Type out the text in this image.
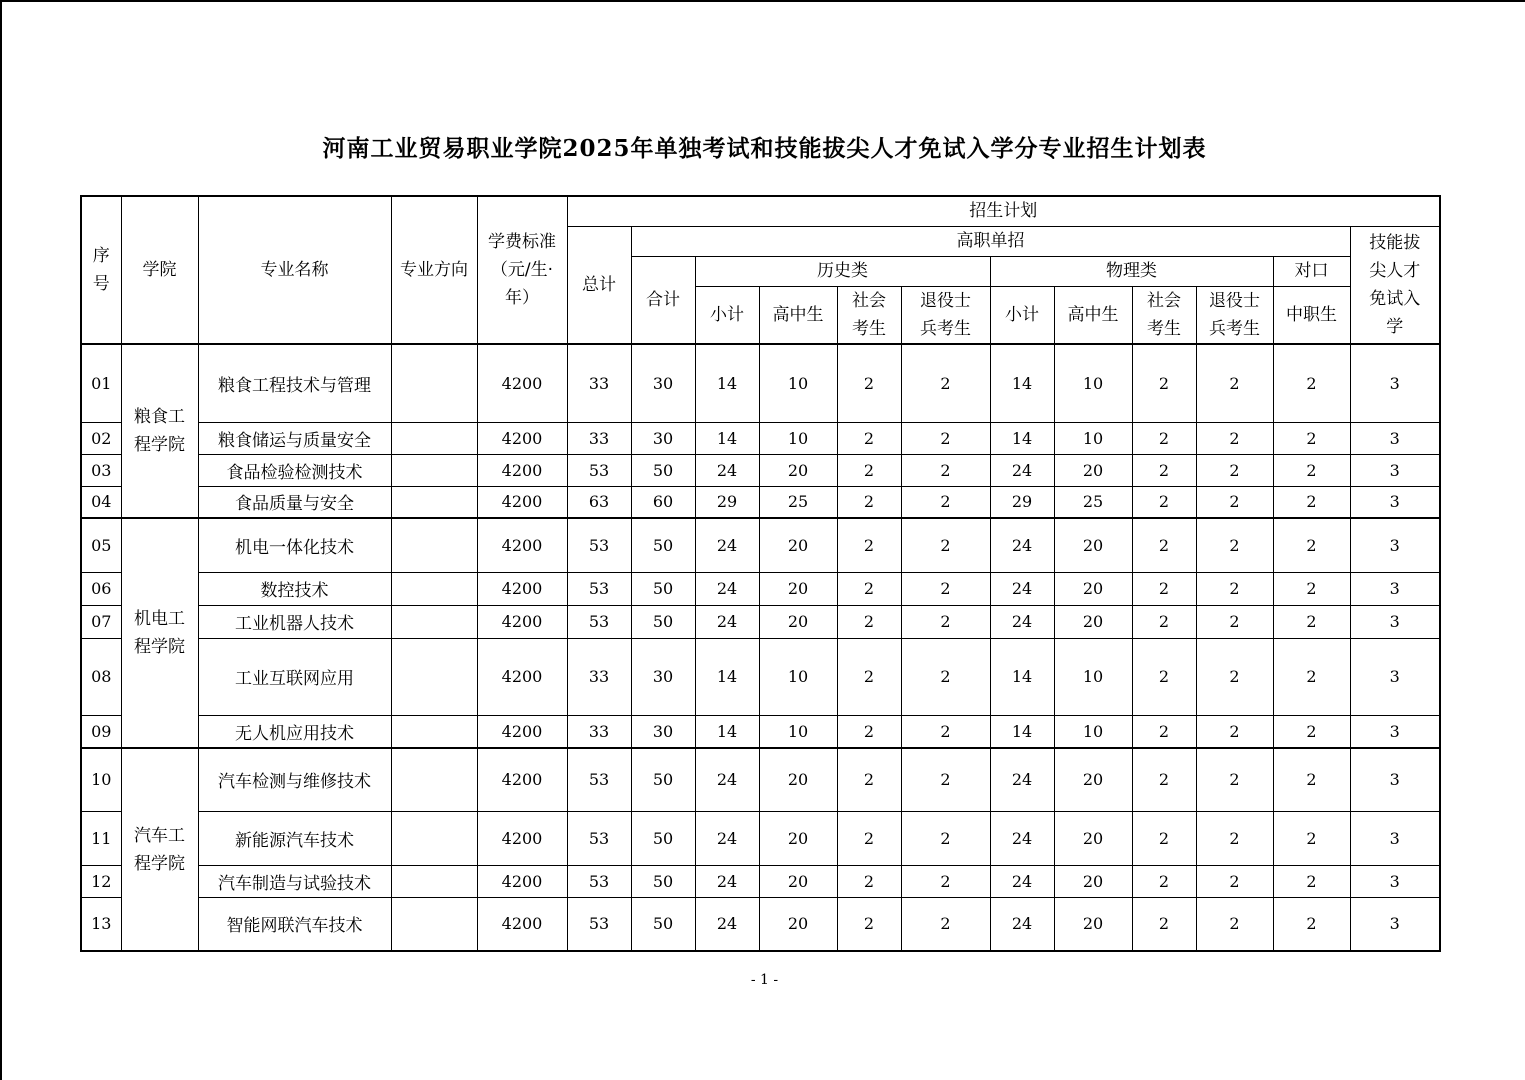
河南工业贸易职业学院2025年单独考试和技能拔尖人才免试入学分专业招生计划表
序号	学院	专业名称	专业方向	学费标准（元/生·年）	招生计划											
					总计	高职单招										技能拔尖人才免试入学
						合计	历史类				物理类				对口	
							小计	高中生	社会考生	退役士兵考生	小计	高中生	社会考生	退役士兵考生	中职生	

01	粮食工程学院	粮食工程技术与管理		4200	33	30	14	10	2	2	14	10	2	2	2	3
02		粮食储运与质量安全		4200	33	30	14	10	2	2	14	10	2	2	2	3
03		食品检验检测技术		4200	53	50	24	20	2	2	24	20	2	2	2	3
04		食品质量与安全		4200	63	60	29	25	2	2	29	25	2	2	2	3
05	机电工程学院	机电一体化技术		4200	53	50	24	20	2	2	24	20	2	2	2	3
06		数控技术		4200	53	50	24	20	2	2	24	20	2	2	2	3
07		工业机器人技术		4200	53	50	24	20	2	2	24	20	2	2	2	3
08		工业互联网应用		4200	33	30	14	10	2	2	14	10	2	2	2	3
09		无人机应用技术		4200	33	30	14	10	2	2	14	10	2	2	2	3
10	汽车工程学院	汽车检测与维修技术		4200	53	50	24	20	2	2	24	20	2	2	2	3
11		新能源汽车技术		4200	53	50	24	20	2	2	24	20	2	2	2	3
12		汽车制造与试验技术		4200	53	50	24	20	2	2	24	20	2	2	2	3
13		智能网联汽车技术		4200	53	50	24	20	2	2	24	20	2	2	2	3
- 1 -
